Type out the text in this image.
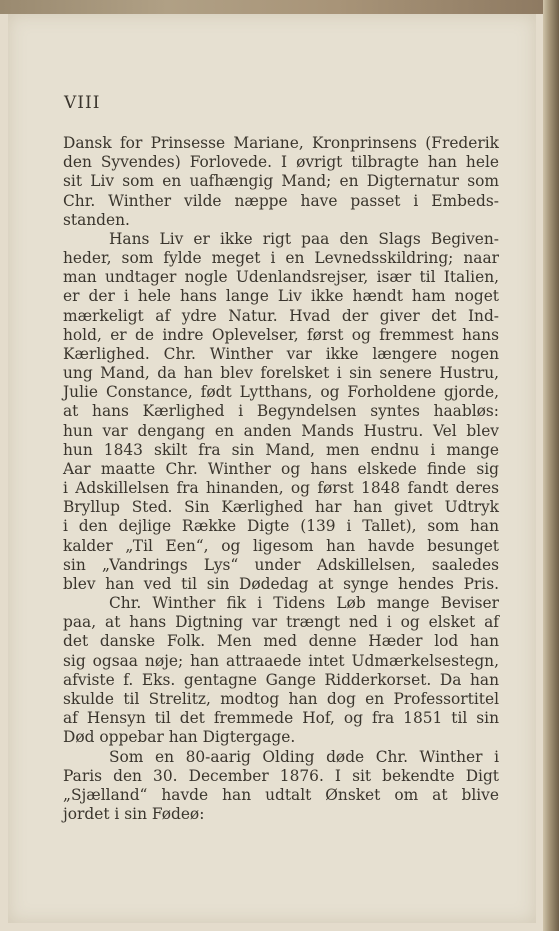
VIII
Dansk for Prinsesse Mariane, Kronprinsens (Frederik
den Syvendes) Forlovede. I øvrigt tilbragte han hele
sit Liv som en uafhængig Mand; en Digternatur som
Chr. Winther vilde næppe have passet i Embeds-
standen.
Hans Liv er ikke rigt paa den Slags Begiven-
heder, som fylde meget i en Levnedsskildring; naar
man undtager nogle Udenlandsrejser, især til Italien,
er der i hele hans lange Liv ikke hændt ham noget
mærkeligt af ydre Natur. Hvad der giver det Ind-
hold, er de indre Oplevelser, først og fremmest hans
Kærlighed. Chr. Winther var ikke længere nogen
ung Mand, da han blev forelsket i sin senere Hustru,
Julie Constance, født Lytthans, og Forholdene gjorde,
at hans Kærlighed i Begyndelsen syntes haabløs:
hun var dengang en anden Mands Hustru. Vel blev
hun 1843 skilt fra sin Mand, men endnu i mange
Aar maatte Chr. Winther og hans elskede finde sig
i Adskillelsen fra hinanden, og først 1848 fandt deres
Bryllup Sted. Sin Kærlighed har han givet Udtryk
i den dejlige Række Digte (139 i Tallet), som han
kalder „Til Een“, og ligesom han havde besunget
sin „Vandrings Lys“ under Adskillelsen, saaledes
blev han ved til sin Dødedag at synge hendes Pris.
Chr. Winther fik i Tidens Løb mange Beviser
paa, at hans Digtning var trængt ned i og elsket af
det danske Folk. Men med denne Hæder lod han
sig ogsaa nøje; han attraaede intet Udmærkelsestegn,
afviste f. Eks. gentagne Gange Ridderkorset. Da han
skulde til Strelitz, modtog han dog en Professortitel
af Hensyn til det fremmede Hof, og fra 1851 til sin
Død oppebar han Digtergage.
Som en 80-aarig Olding døde Chr. Winther i
Paris den 30. December 1876. I sit bekendte Digt
„Sjælland“ havde han udtalt Ønsket om at blive
jordet i sin Fødeø:
